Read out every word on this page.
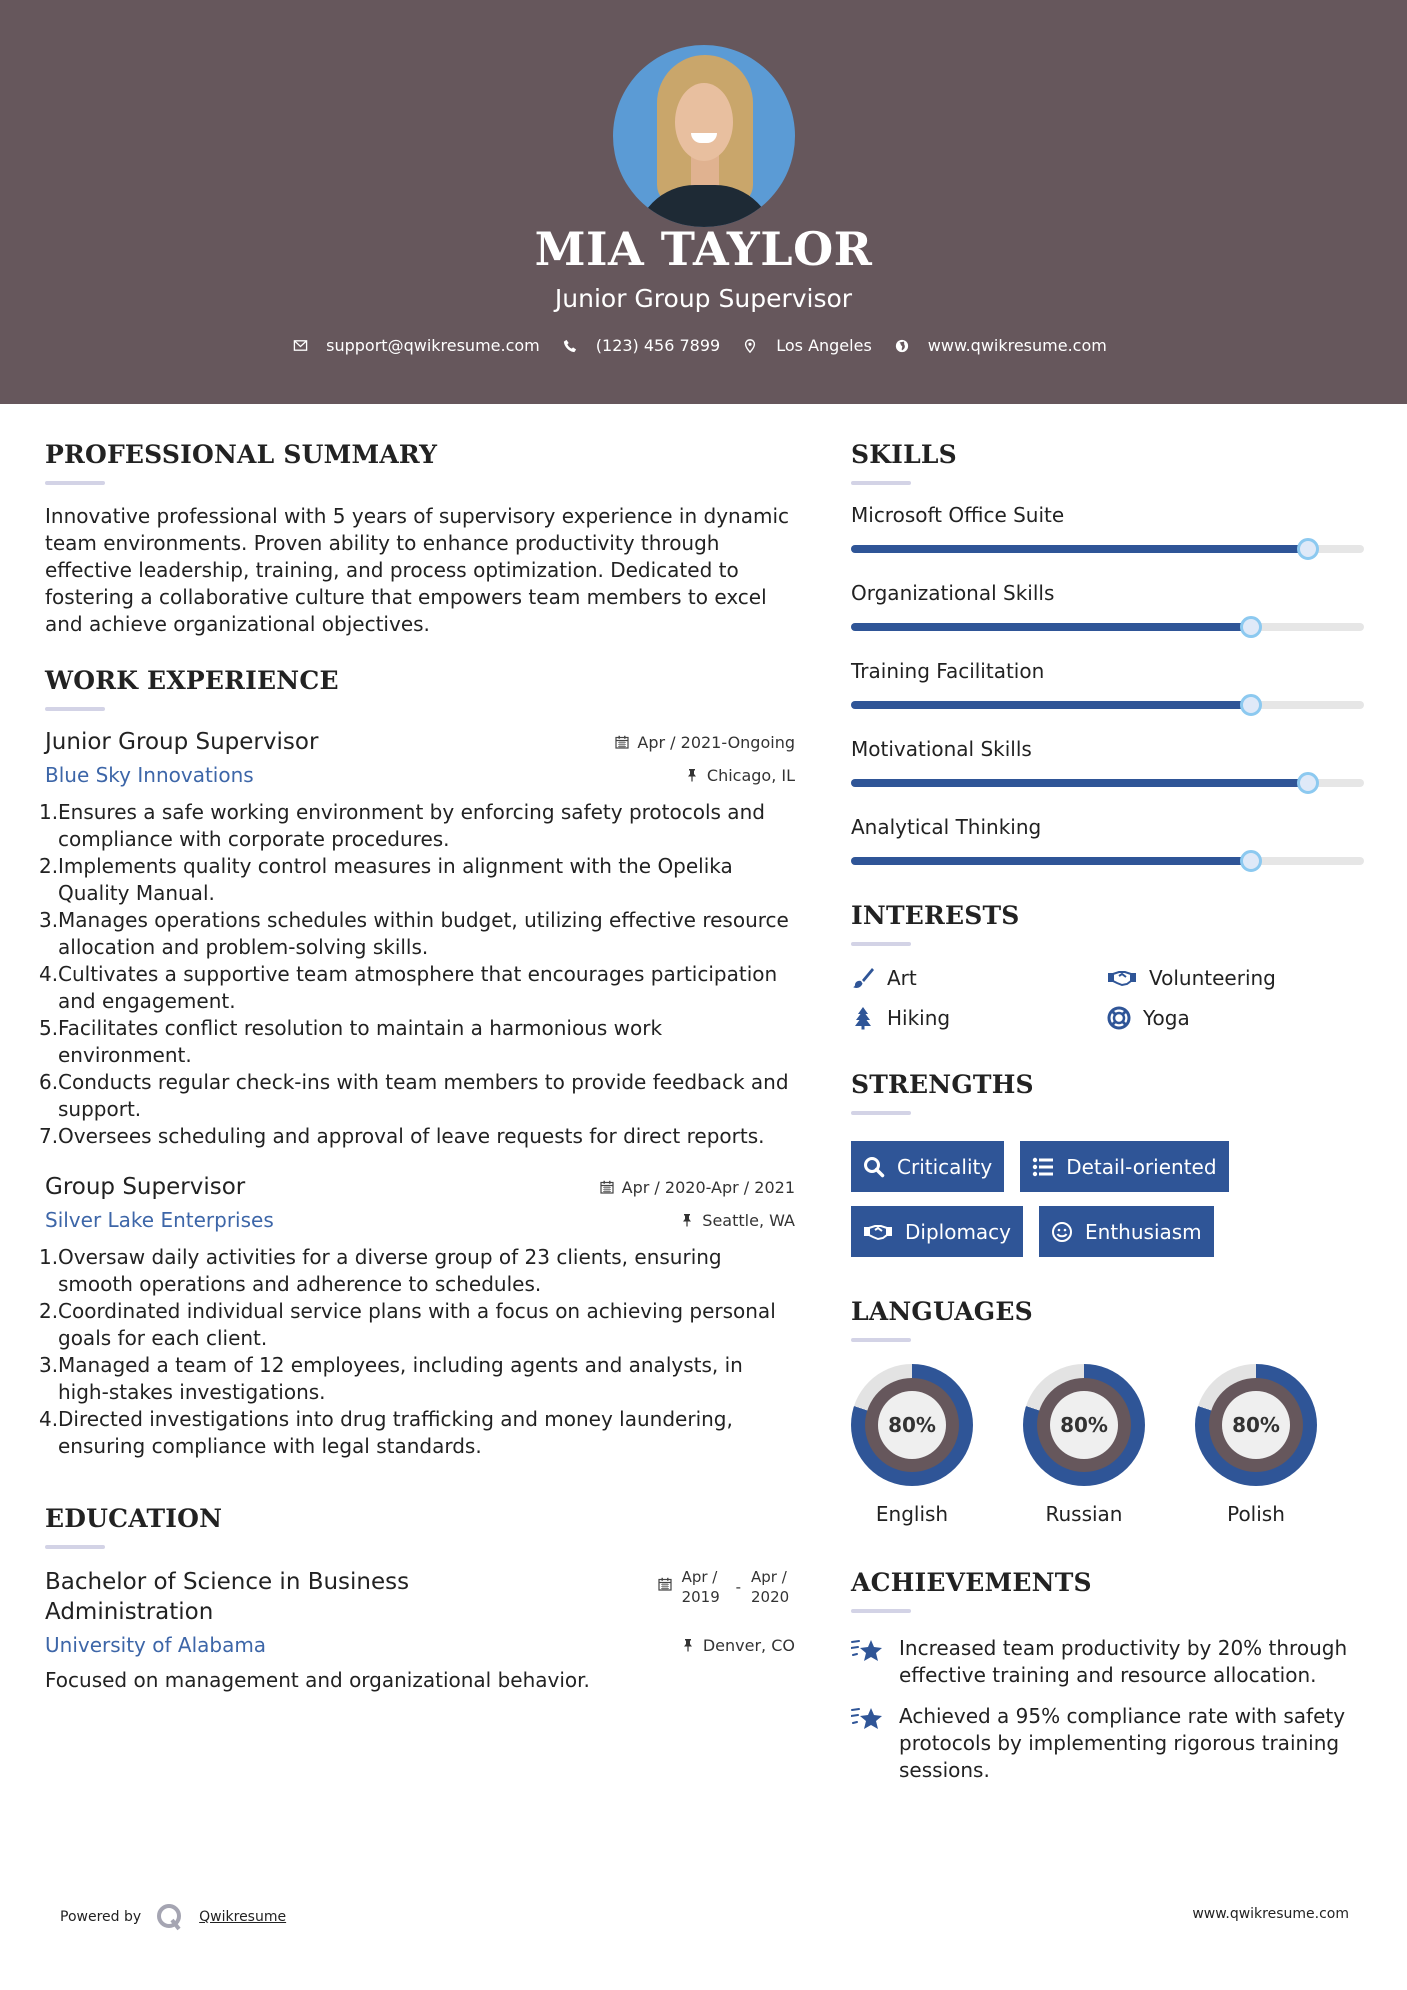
MIA TAYLOR
Junior Group Supervisor
support@qwikresume.com	(123) 456 7899	Los Angeles	www.qwikresume.com
PROFESSIONAL SUMMARY

Innovative professional with 5 years of supervisory experience in dynamic team environments. Proven ability to enhance productivity through effective leadership, training, and process optimization. Dedicated to fostering a collaborative culture that empowers team members to excel and achieve organizational objectives.

WORK EXPERIENCE
Junior Group Supervisor	Apr / 2021-Ongoing
Blue Sky Innovations	Chicago, IL
1. Ensures a safe working environment by enforcing safety protocols and compliance with corporate procedures.
2. Implements quality control measures in alignment with the Opelika Quality Manual.
3. Manages operations schedules within budget, utilizing effective resource allocation and problem-solving skills.
4. Cultivates a supportive team atmosphere that encourages participation and engagement.
5. Facilitates conflict resolution to maintain a harmonious work environment.
6. Conducts regular check-ins with team members to provide feedback and support.
7. Oversees scheduling and approval of leave requests for direct reports.
Group Supervisor	Apr / 2020-Apr / 2021
Silver Lake Enterprises	Seattle, WA
1. Oversaw daily activities for a diverse group of 23 clients, ensuring smooth operations and adherence to schedules.
2. Coordinated individual service plans with a focus on achieving personal goals for each client.
3. Managed a team of 12 employees, including agents and analysts, in high-stakes investigations.
4. Directed investigations into drug trafficking and money laundering, ensuring compliance with legal standards.
EDUCATION
Bachelor of Science in Business Administration
Apr / 2019
-
Apr / 2020
University of Alabama	Denver, CO

Focused on management and organizational behavior.

SKILLS
Microsoft Office Suite
Organizational Skills
Training Facilitation
Motivational Skills
Analytical Thinking
INTERESTS
Art	Volunteering
Hiking	Yoga
STRENGTHS
Criticality	Detail-oriented
Diplomacy	Enthusiasm
LANGUAGES
80%
English
80%
Russian
80%
Polish
ACHIEVEMENTS
Increased team productivity by 20% through effective training and resource allocation.
Achieved a 95% compliance rate with safety protocols by implementing rigorous training sessions.
Powered by	Qwikresume	www.qwikresume.com
